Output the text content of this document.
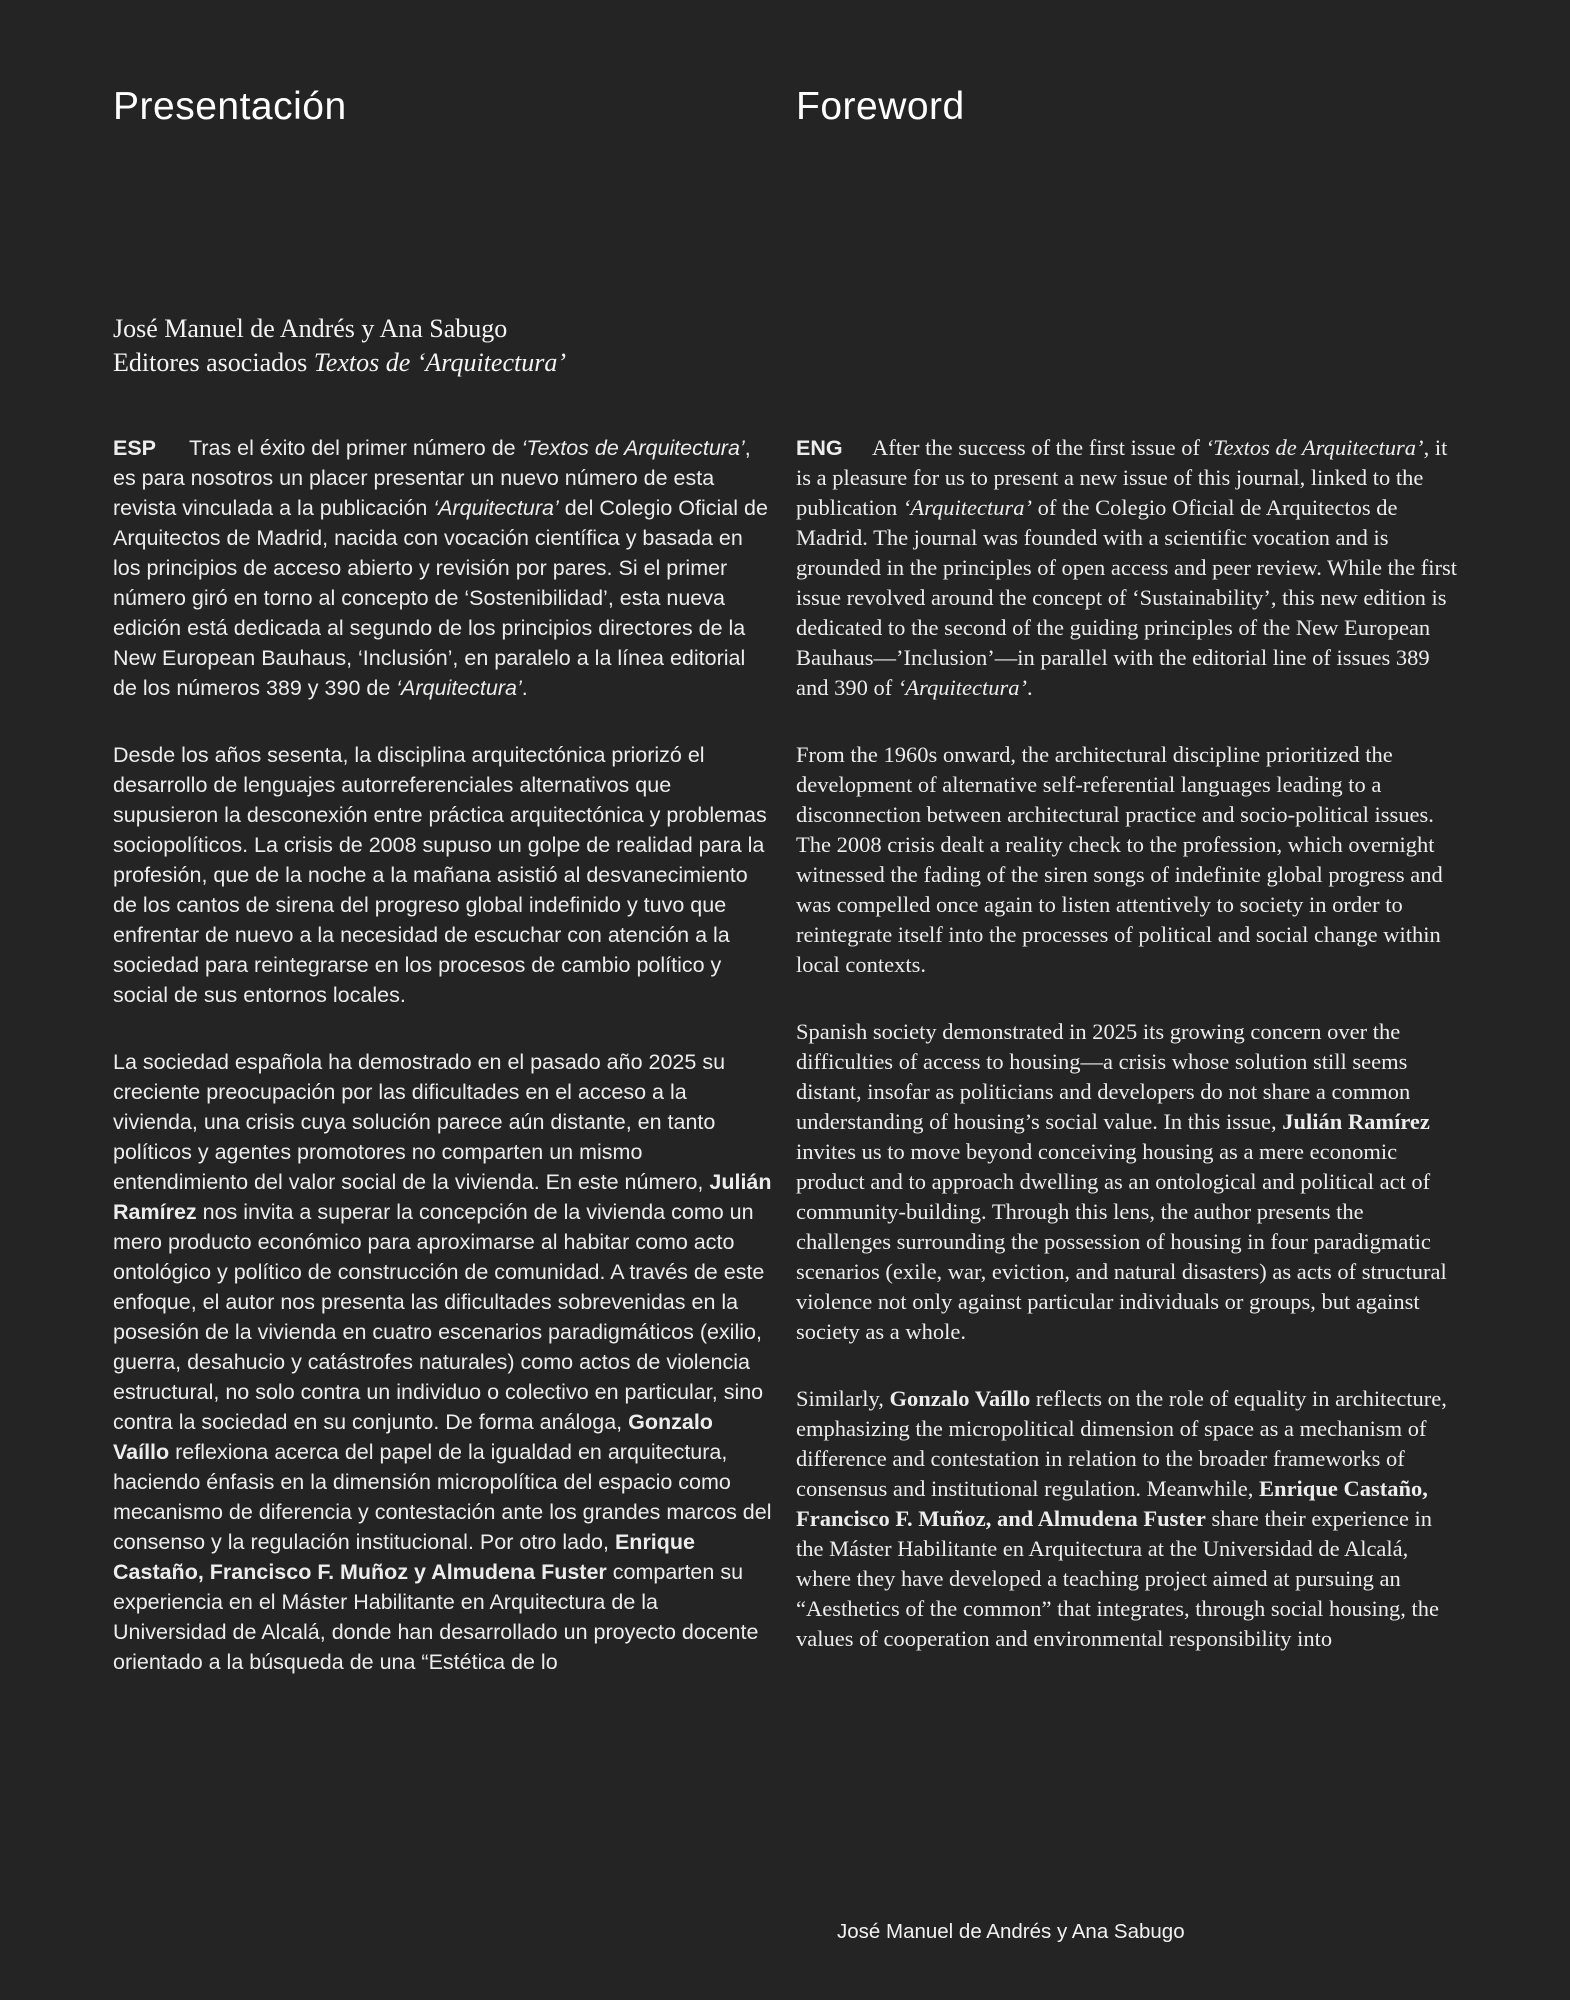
Presentación	Foreword
José Manuel de Andrés y Ana Sabugo
Editores asociados Textos de ‘Arquitectura’

ESP Tras el éxito del primer número de ‘Textos de Arquitectura’, es para nosotros un placer presentar un nuevo número de esta revista vinculada a la publicación ‘Arquitectura’ del Colegio Oficial de Arquitectos de Madrid, nacida con vocación científica y basada en los principios de acceso abierto y revisión por pares. Si el primer número giró en torno al concepto de ‘Sostenibilidad’, esta nueva edición está dedicada al segundo de los principios directores de la New European Bauhaus, ‘Inclusión’, en paralelo a la línea editorial de los números 389 y 390 de ‘Arquitectura’.

Desde los años sesenta, la disciplina arquitectónica priorizó el desarrollo de lenguajes autorreferenciales alternativos que supusieron la desconexión entre práctica arquitectónica y problemas sociopolíticos. La crisis de 2008 supuso un golpe de realidad para la profesión, que de la noche a la mañana asistió al desvanecimiento de los cantos de sirena del progreso global indefinido y tuvo que enfrentar de nuevo a la necesidad de escuchar con atención a la sociedad para reintegrarse en los procesos de cambio político y social de sus entornos locales.

La sociedad española ha demostrado en el pasado año 2025 su creciente preocupación por las dificultades en el acceso a la vivienda, una crisis cuya solución parece aún distante, en tanto políticos y agentes promotores no comparten un mismo entendimiento del valor social de la vivienda. En este número, Julián Ramírez nos invita a superar la concepción de la vivienda como un mero producto económico para aproximarse al habitar como acto ontológico y político de construcción de comunidad. A través de este enfoque, el autor nos presenta las dificultades sobrevenidas en la posesión de la vivienda en cuatro escenarios paradigmáticos (exilio, guerra, desahucio y catástrofes naturales) como actos de violencia estructural, no solo contra un individuo o colectivo en particular, sino contra la sociedad en su conjunto. De forma análoga, Gonzalo Vaíllo reflexiona acerca del papel de la igualdad en arquitectura, haciendo énfasis en la dimensión micropolítica del espacio como mecanismo de diferencia y contestación ante los grandes marcos del consenso y la regulación institucional. Por otro lado, Enrique Castaño, Francisco F. Muñoz y Almudena Fuster comparten su experiencia en el Máster Habilitante en Arquitectura de la Universidad de Alcalá, donde han desarrollado un proyecto docente orientado a la búsqueda de una “Estética de lo

ENG After the success of the first issue of ‘Textos de Arquitectura’, it is a pleasure for us to present a new issue of this journal, linked to the publication ‘Arquitectura’ of the Colegio Oficial de Arquitectos de Madrid. The journal was founded with a scientific vocation and is grounded in the principles of open access and peer review. While the first issue revolved around the concept of ‘Sustainability’, this new edition is dedicated to the second of the guiding principles of the New European Bauhaus—’Inclusion’—in parallel with the editorial line of issues 389 and 390 of ‘Arquitectura’.

From the 1960s onward, the architectural discipline prioritized the development of alternative self-referential languages leading to a disconnection between architectural practice and socio-political issues. The 2008 crisis dealt a reality check to the profession, which overnight witnessed the fading of the siren songs of indefinite global progress and was compelled once again to listen attentively to society in order to reintegrate itself into the processes of political and social change within local contexts.

Spanish society demonstrated in 2025 its growing concern over the difficulties of access to housing—a crisis whose solution still seems distant, insofar as politicians and developers do not share a common understanding of housing’s social value. In this issue, Julián Ramírez invites us to move beyond conceiving housing as a mere economic product and to approach dwelling as an ontological and political act of community-building. Through this lens, the author presents the challenges surrounding the possession of housing in four paradigmatic scenarios (exile, war, eviction, and natural disasters) as acts of structural violence not only against particular individuals or groups, but against society as a whole.

Similarly, Gonzalo Vaíllo reflects on the role of equality in architecture, emphasizing the micropolitical dimension of space as a mechanism of difference and contestation in relation to the broader frameworks of consensus and institutional regulation. Meanwhile, Enrique Castaño, Francisco F. Muñoz, and Almudena Fuster share their experience in the Máster Habilitante en Arquitectura at the Universidad de Alcalá, where they have developed a teaching project aimed at pursuing an “Aesthetics of the common” that integrates, through social housing, the values of cooperation and environmental responsibility into

José Manuel de Andrés y Ana Sabugo
